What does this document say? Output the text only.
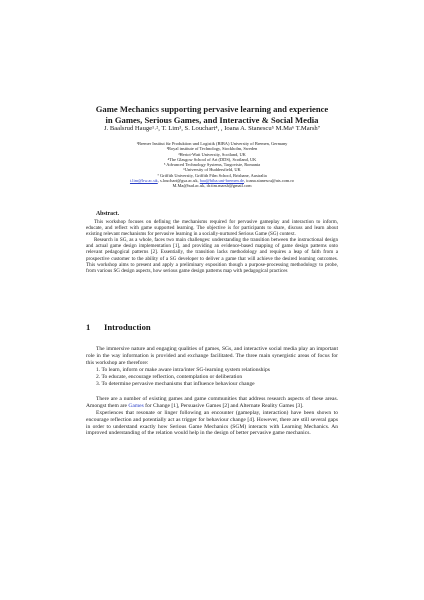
Game Mechanics supporting pervasive learning and experience
in Games, Serious Games, and Interactive & Social Media
J. Baalsrud Hauge¹˒², T. Lim³, S. Louchart⁴, , Ioana A. Stanescu⁵ M.Ma⁶ T.Marsh⁷
¹Bremer Institut für Produktion und Logistik (BIBA) University of Bremen, Germany
²Royal institute of Technology, Stockholm, Sweden
³Heriot-Watt University, Scotland, UK
⁴The Glasgow School of Art (DDS), Scotland, UK
⁵ Advanced Technology Systems, Targoviste, Romania
⁶University of Huddersfield, UK
⁷ Griffith University, Griffith Film School, Brisbane, Australia
t.lim@hw.ac.uk, s.louchart@gsa.ac.uk, baa@biba.uni-bremen.de, ioana.stanescu@ats.com.ro
M.Ma@hud.ac.uk, dr.tim.marsh@gmail.com
Abstract.

This workshop focuses on defining the mechanisms required for pervasive gameplay and interaction to inform, educate, and reflect with game supported learning. The objective is for participants to share, discuss and learn about existing relevant mechanisms for pervasive learning in a socially-nurtured Serious Game (SG) context.

Research in SG, as a whole, faces two main challenges: understanding the transition between the instructional design and actual game design implementation [1], and providing an evidence-based mapping of game design patterns onto relevant pedagogical patterns [2]. Essentially, the transition lacks methodology and requires a leap of faith from a prospective customer to the ability of a SG developer to deliver a game that will achieve the desired learning outcomes. This workshop aims to present and apply a preliminary exposition though a purpose-processing methodology to probe, from various SG design aspects, how serious game design patterns map with pedagogical practices

1 Introduction

The immersive nature and engaging qualities of games, SGs, and interactive social media play an important role in the way information is provided and exchange facilitated. The three main synergistic areas of focus for this workshop are therefore:

1. To learn, inform or make aware intra/inter SG-learning system relationships
2. To educate, encourage reflection, contemplation or deliberation
3. To determine pervasive mechanisms that influence behaviour change

There are a number of existing games and game communities that address research aspects of these areas. Amongst them are Games for Change [1], Persuasive Games [2] and Alternate Reality Games [3].

Experiences that resonate or linger following an encounter (gameplay, interaction) have been shown to encourage reflection and potentially act as trigger for behaviour change [4]. However, there are still several gaps in order to understand exactly how Serious Game Mechanics (SGM) interacts with Learning Mechanics. An improved understanding of the relation would help in the design of better pervasive game mechanics.
